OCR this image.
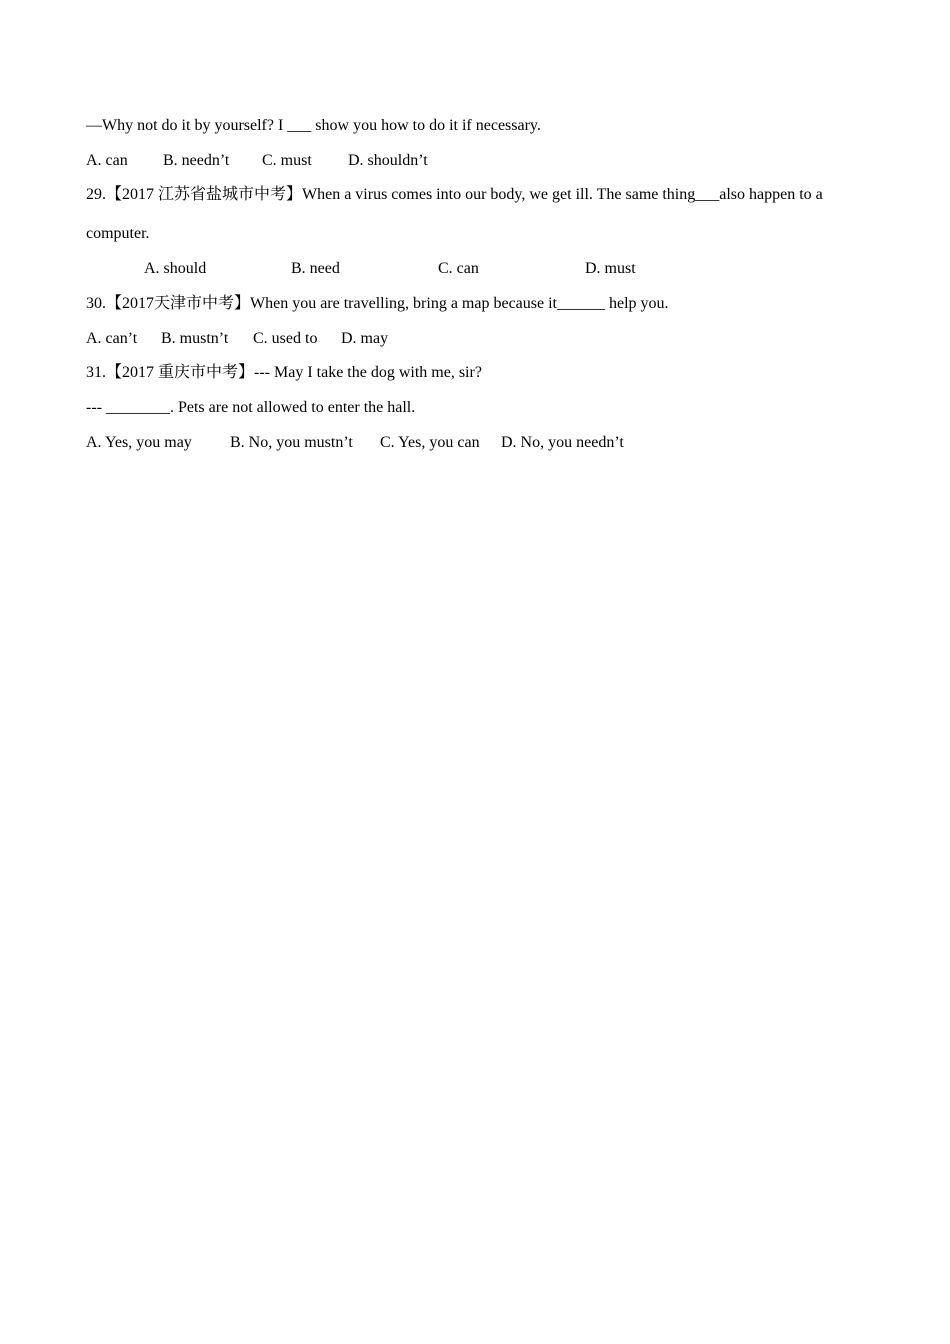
—Why not do it by yourself? I ___ show you how to do it if necessary.
A. can B. needn’t C. must D. shouldn’t
29.【2017 江苏省盐城市中考】When a virus comes into our body, we get ill. The same thing___also happen to a
computer.
A. should	B. need	C. can	D. must
30.【2017天津市中考】When you are travelling, bring a map because it______ help you.
A. can’t B. mustn’t C. used to D. may
31.【2017 重庆市中考】--- May I take the dog with me, sir?
--- ________. Pets are not allowed to enter the hall.
A. Yes, you may B. No, you mustn’t C. Yes, you can D. No, you needn’t
